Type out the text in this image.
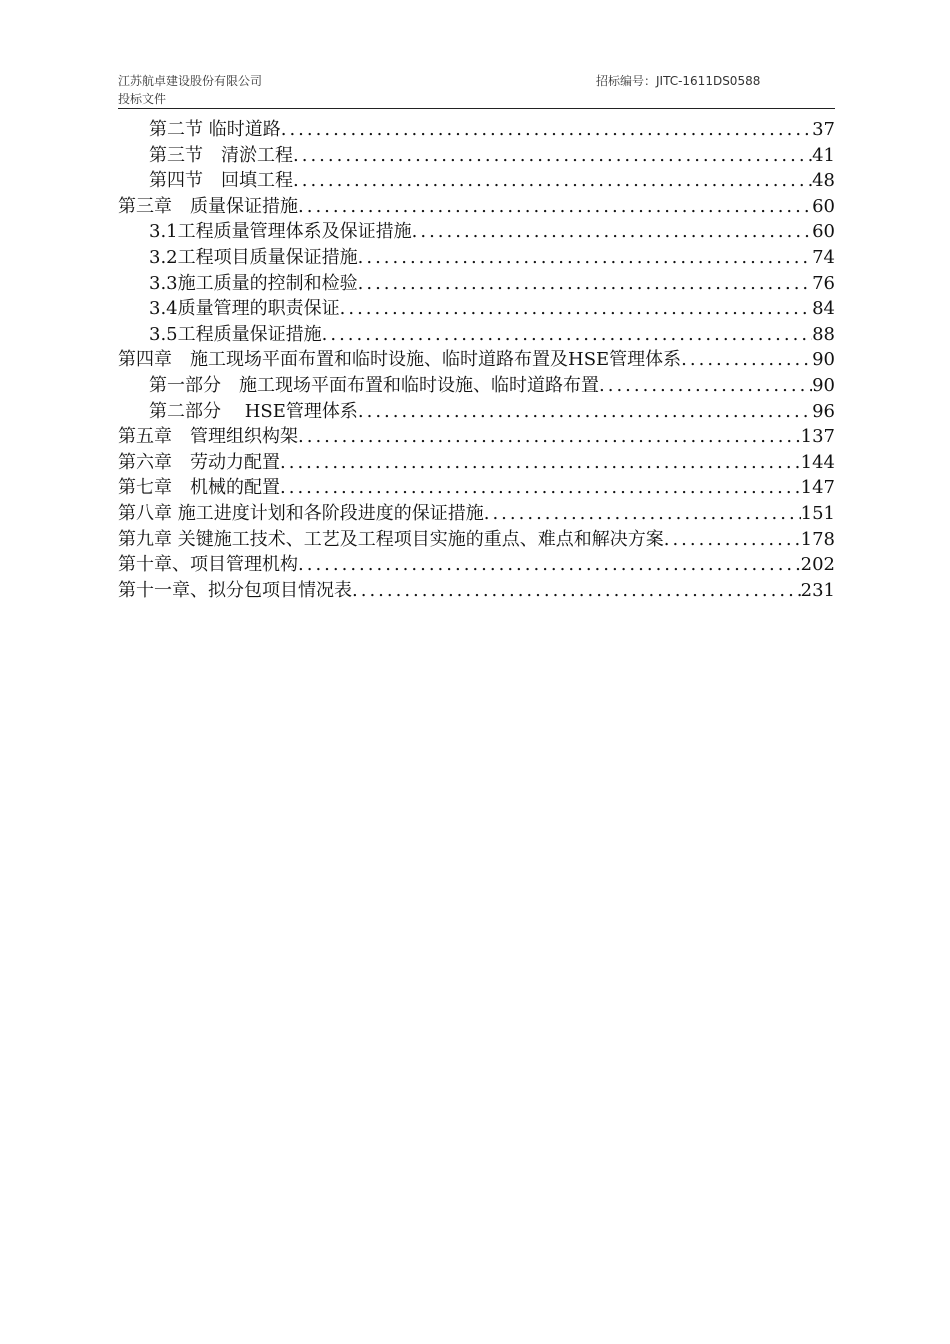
江苏航卓建设股份有限公司
投标文件
招标编号：JITC-1611DS0588
第二节 临时道路 .....	37
第三节　清淤工程 .....	41
第四节　回填工程 .....	48
第三章　质量保证措施 .....	60
3.1工程质量管理体系及保证措施 .....	60
3.2工程项目质量保证措施 .....	74
3.3施工质量的控制和检验 .....	76
3.4质量管理的职责保证 .....	84
3.5工程质量保证措施 .....	88
第四章　施工现场平面布置和临时设施、临时道路布置及HSE管理体系 .....	90
第一部分　施工现场平面布置和临时设施、临时道路布置 .....	90
第二部分　 HSE管理体系 .....	96
第五章　管理组织构架 .....	137
第六章　劳动力配置 .....	144
第七章　机械的配置 .....	147
第八章 施工进度计划和各阶段进度的保证措施 .....	151
第九章 关键施工技术、工艺及工程项目实施的重点、难点和解决方案 .....	178
第十章、项目管理机构 .....	202
第十一章、拟分包项目情况表 .....	231
